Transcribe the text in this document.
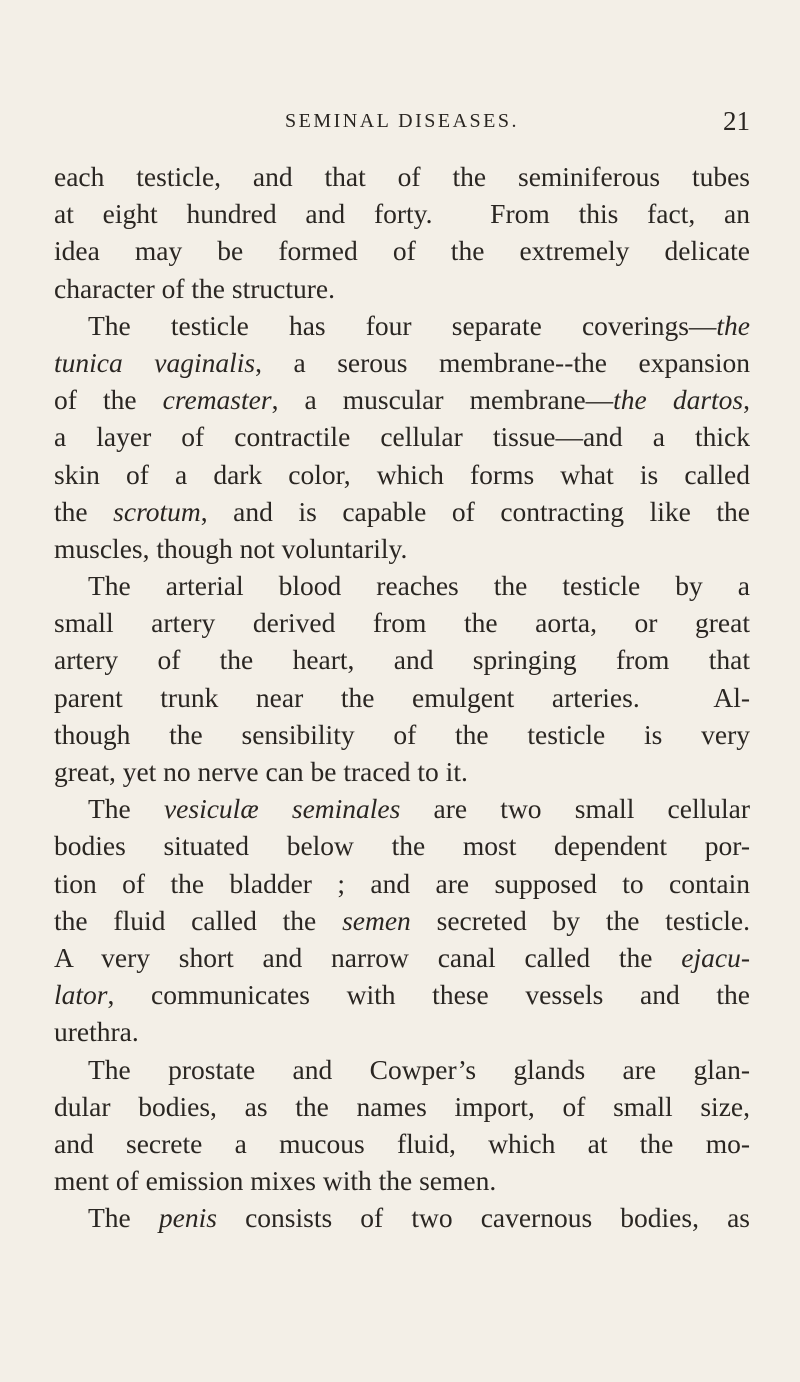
SEMINAL DISEASES.	21
each testicle, and that of the seminiferous tubes
at eight hundred and forty.  From this fact, an
idea may be formed of the extremely delicate
character of the structure.
The testicle has four separate coverings—the
tunica vaginalis, a serous membrane--the expansion
of the cremaster, a muscular membrane—the dartos,
a layer of contractile cellular tissue—and a thick
skin of a dark color, which forms what is called
the scrotum, and is capable of contracting like the
muscles, though not voluntarily.
The arterial blood reaches the testicle by a
small artery derived from the aorta, or great
artery of the heart, and springing from that
parent trunk near the emulgent arteries.  Al-
though the sensibility of the testicle is very
great, yet no nerve can be traced to it.
The vesiculæ seminales are two small cellular
bodies situated below the most dependent por-
tion of the bladder ; and are supposed to contain
the fluid called the semen secreted by the testicle.
A very short and narrow canal called the ejacu-
lator, communicates with these vessels and the
urethra.
The prostate and Cowper’s glands are glan-
dular bodies, as the names import, of small size,
and secrete a mucous fluid, which at the mo-
ment of emission mixes with the semen.
The penis consists of two cavernous bodies, as
